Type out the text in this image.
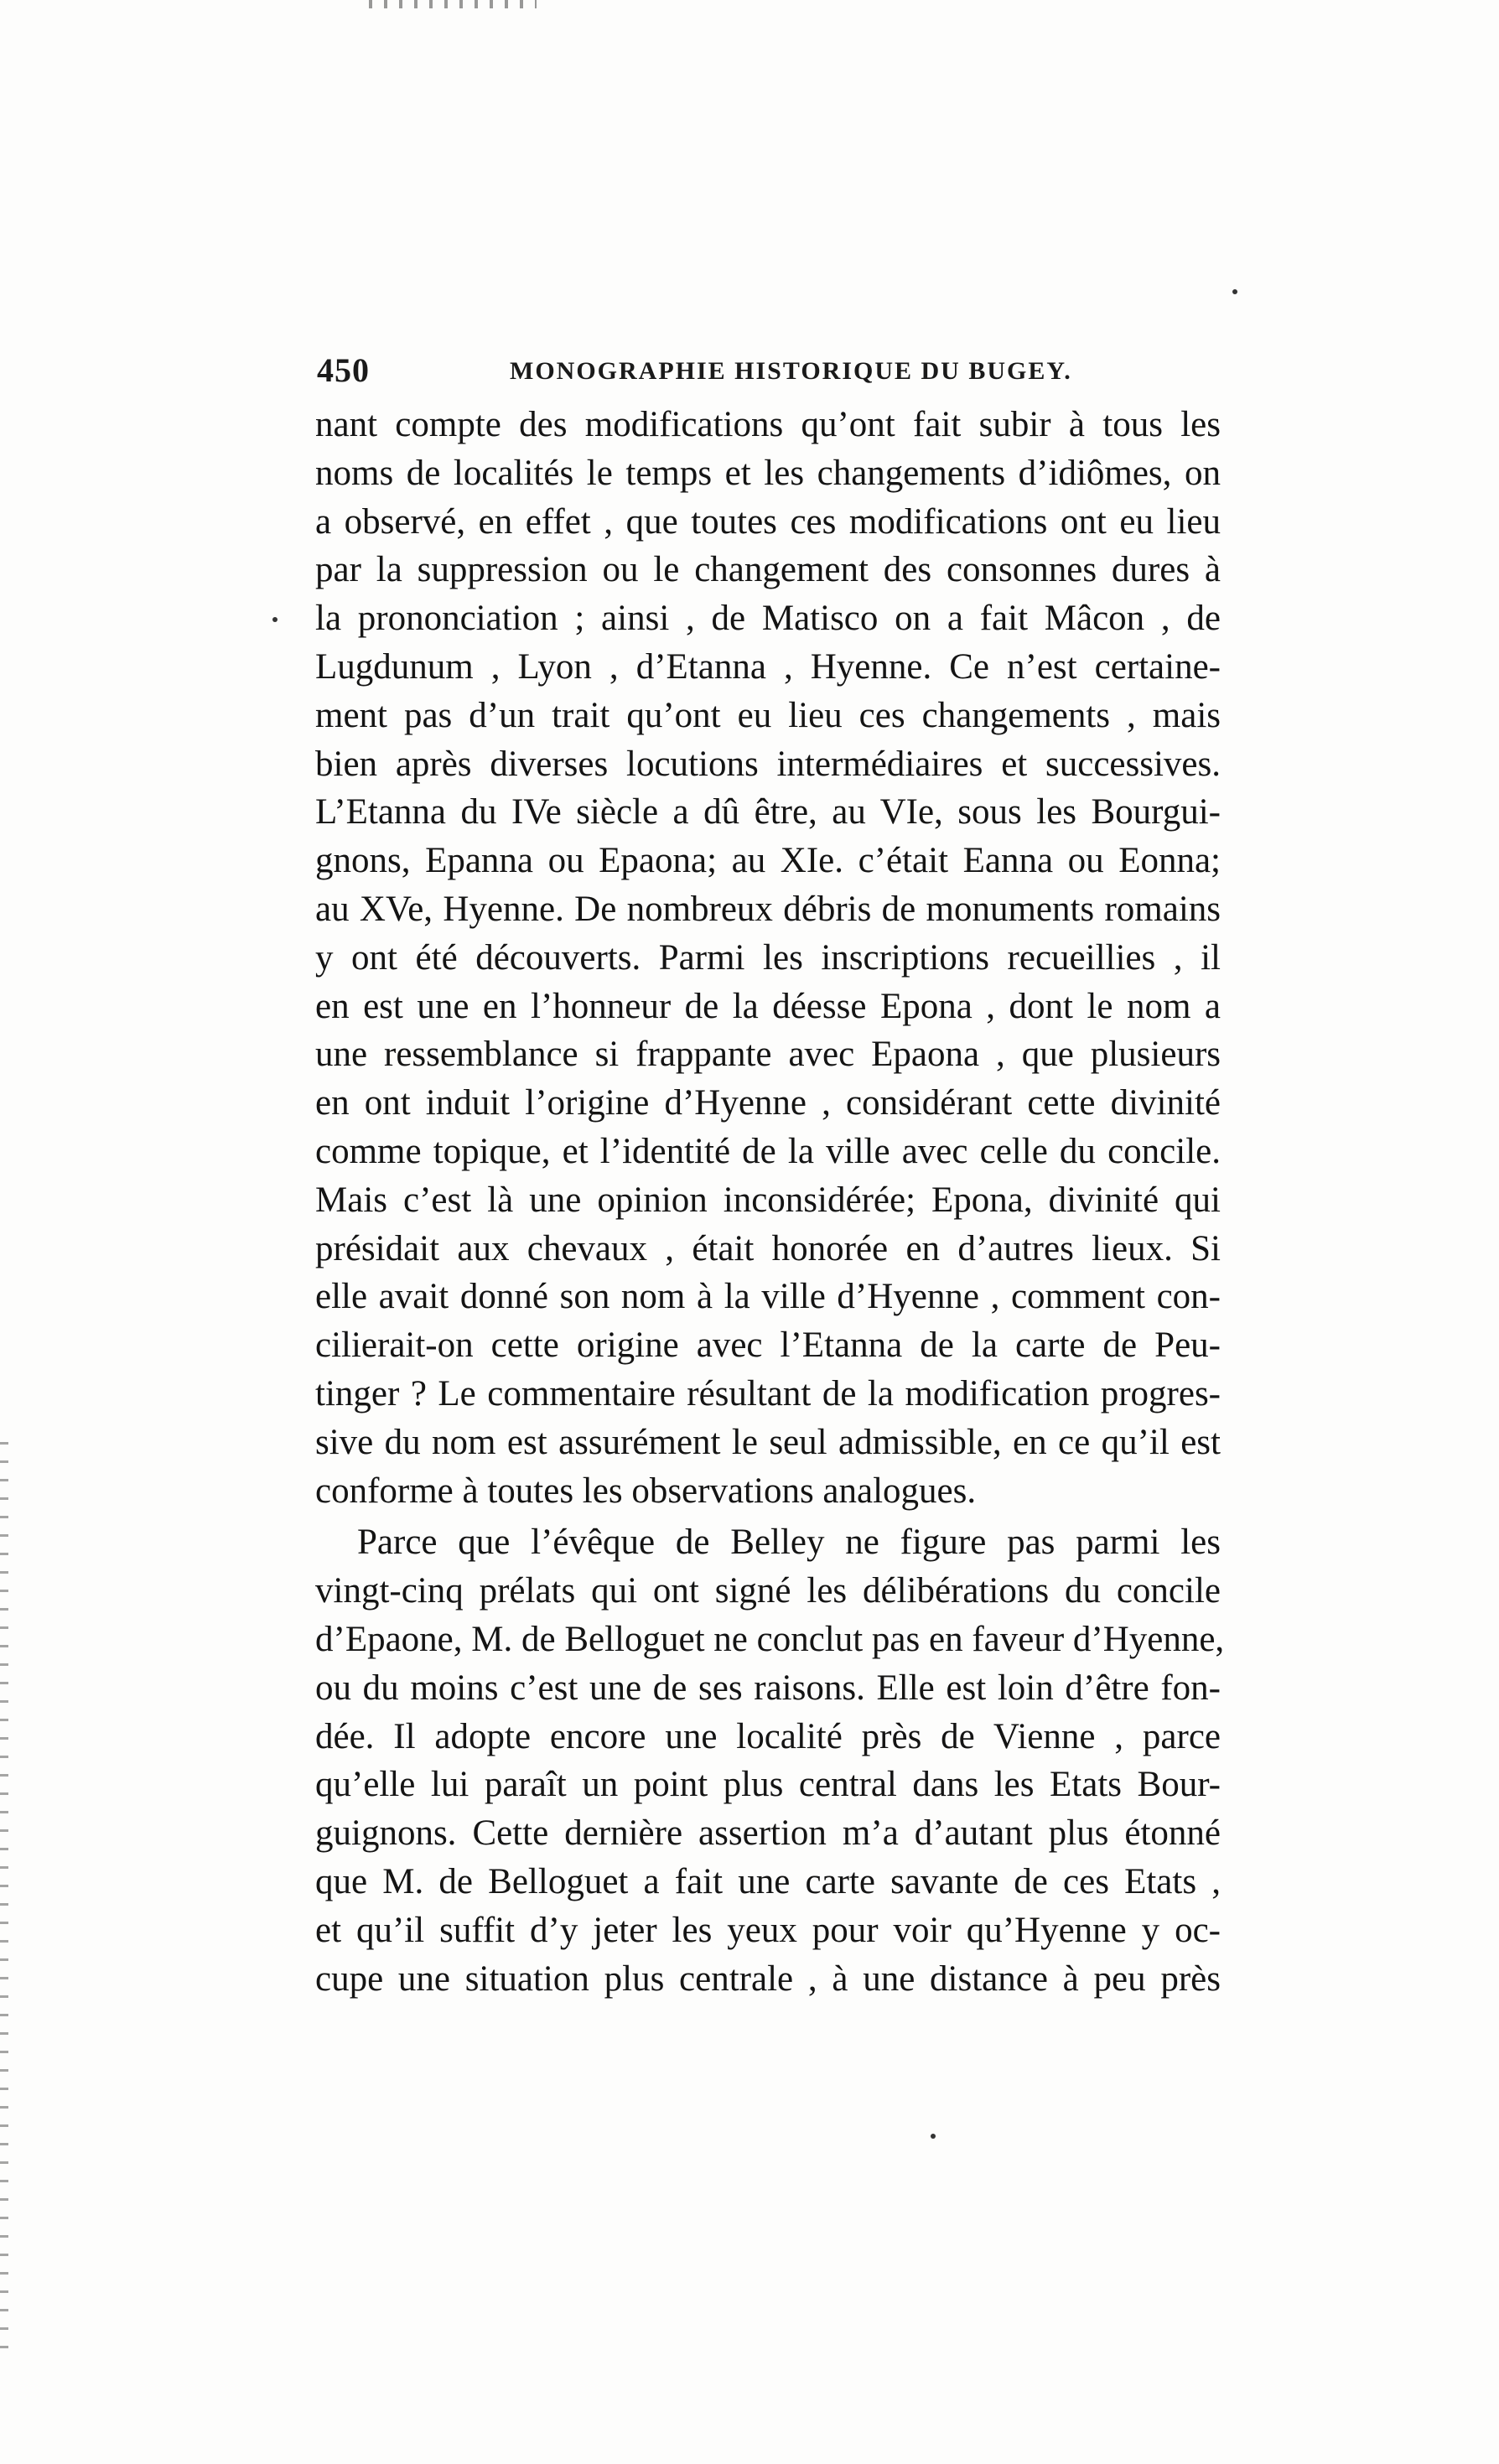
450	MONOGRAPHIE HISTORIQUE DU BUGEY.
nant compte des modifications qu’ont fait subir à tous les
noms de localités le temps et les changements d’idiômes, on
a observé, en effet , que toutes ces modifications ont eu lieu
par la suppression ou le changement des consonnes dures à
la prononciation ; ainsi , de Matisco on a fait Mâcon , de
Lugdunum , Lyon , d’Etanna , Hyenne. Ce n’est certaine-
ment pas d’un trait qu’ont eu lieu ces changements , mais
bien après diverses locutions intermédiaires et successives.
L’Etanna du IVe siècle a dû être, au VIe, sous les Bourgui-
gnons, Epanna ou Epaona; au XIe. c’était Eanna ou Eonna;
au XVe, Hyenne. De nombreux débris de monuments romains
y ont été découverts. Parmi les inscriptions recueillies , il
en est une en l’honneur de la déesse Epona , dont le nom a
une ressemblance si frappante avec Epaona , que plusieurs
en ont induit l’origine d’Hyenne , considérant cette divinité
comme topique, et l’identité de la ville avec celle du concile.
Mais c’est là une opinion inconsidérée; Epona, divinité qui
présidait aux chevaux , était honorée en d’autres lieux. Si
elle avait donné son nom à la ville d’Hyenne , comment con-
cilierait-on cette origine avec l’Etanna de la carte de Peu-
tinger ? Le commentaire résultant de la modification progres-
sive du nom est assurément le seul admissible, en ce qu’il est
conforme à toutes les observations analogues.
Parce que l’évêque de Belley ne figure pas parmi les
vingt-cinq prélats qui ont signé les délibérations du concile
d’Epaone, M. de Belloguet ne conclut pas en faveur d’Hyenne,
ou du moins c’est une de ses raisons. Elle est loin d’être fon-
dée. Il adopte encore une localité près de Vienne , parce
qu’elle lui paraît un point plus central dans les Etats Bour-
guignons. Cette dernière assertion m’a d’autant plus étonné
que M. de Belloguet a fait une carte savante de ces Etats ,
et qu’il suffit d’y jeter les yeux pour voir qu’Hyenne y oc-
cupe une situation plus centrale , à une distance à peu près
